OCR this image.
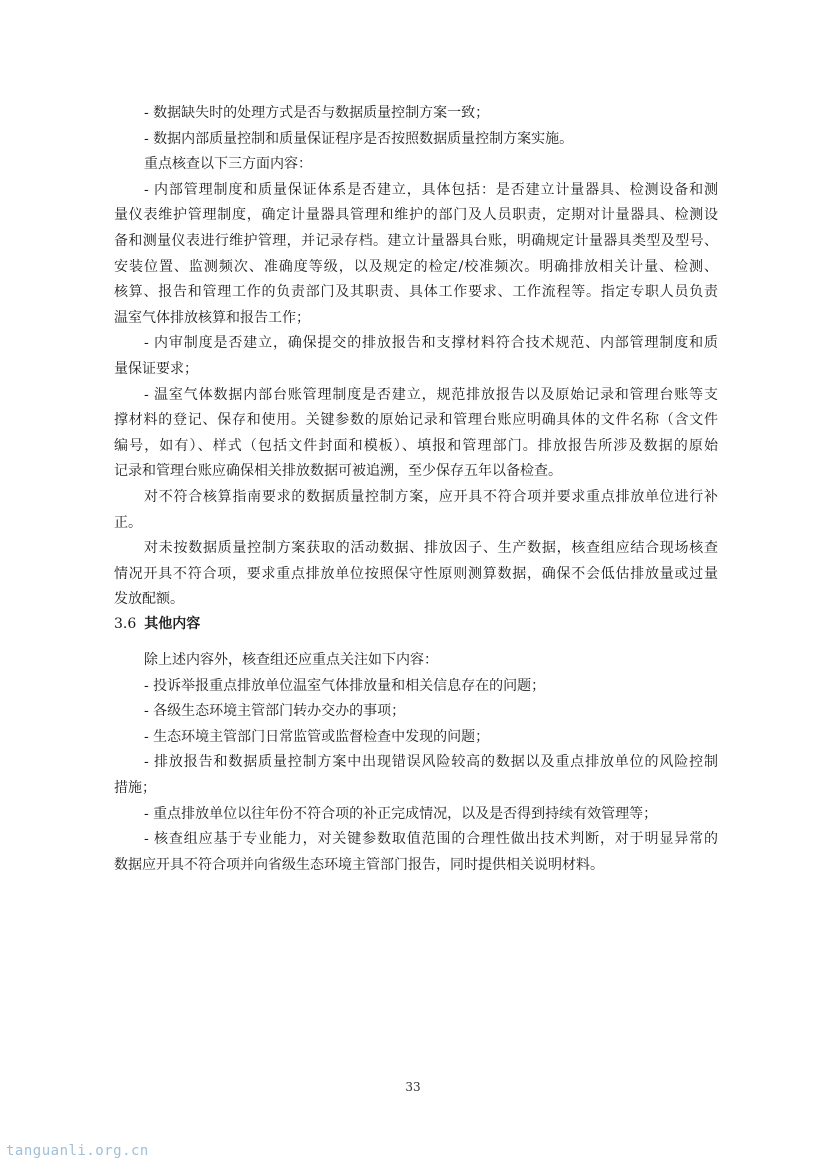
- 数据缺失时的处理方式是否与数据质量控制方案一致；
- 数据内部质量控制和质量保证程序是否按照数据质量控制方案实施。
重点核查以下三方面内容：
- 内部管理制度和质量保证体系是否建立，具体包括：是否建立计量器具、检测设备和测
量仪表维护管理制度，确定计量器具管理和维护的部门及人员职责，定期对计量器具、检测设
备和测量仪表进行维护管理，并记录存档。建立计量器具台账，明确规定计量器具类型及型号、
安装位置、监测频次、准确度等级，以及规定的检定/校准频次。明确排放相关计量、检测、
核算、报告和管理工作的负责部门及其职责、具体工作要求、工作流程等。指定专职人员负责
温室气体排放核算和报告工作；
- 内审制度是否建立，确保提交的排放报告和支撑材料符合技术规范、内部管理制度和质
量保证要求；
- 温室气体数据内部台账管理制度是否建立，规范排放报告以及原始记录和管理台账等支
撑材料的登记、保存和使用。关键参数的原始记录和管理台账应明确具体的文件名称（含文件
编号，如有）、样式（包括文件封面和模板）、填报和管理部门。排放报告所涉及数据的原始
记录和管理台账应确保相关排放数据可被追溯，至少保存五年以备检查。
对不符合核算指南要求的数据质量控制方案，应开具不符合项并要求重点排放单位进行补
正。
对未按数据质量控制方案获取的活动数据、排放因子、生产数据，核查组应结合现场核查
情况开具不符合项，要求重点排放单位按照保守性原则测算数据，确保不会低估排放量或过量
发放配额。
3.6 其他内容
除上述内容外，核查组还应重点关注如下内容：
- 投诉举报重点排放单位温室气体排放量和相关信息存在的问题；
- 各级生态环境主管部门转办交办的事项；
- 生态环境主管部门日常监管或监督检查中发现的问题；
- 排放报告和数据质量控制方案中出现错误风险较高的数据以及重点排放单位的风险控制
措施；
- 重点排放单位以往年份不符合项的补正完成情况，以及是否得到持续有效管理等；
- 核查组应基于专业能力，对关键参数取值范围的合理性做出技术判断，对于明显异常的
数据应开具不符合项并向省级生态环境主管部门报告，同时提供相关说明材料。
33
tanguanli.org.cn
